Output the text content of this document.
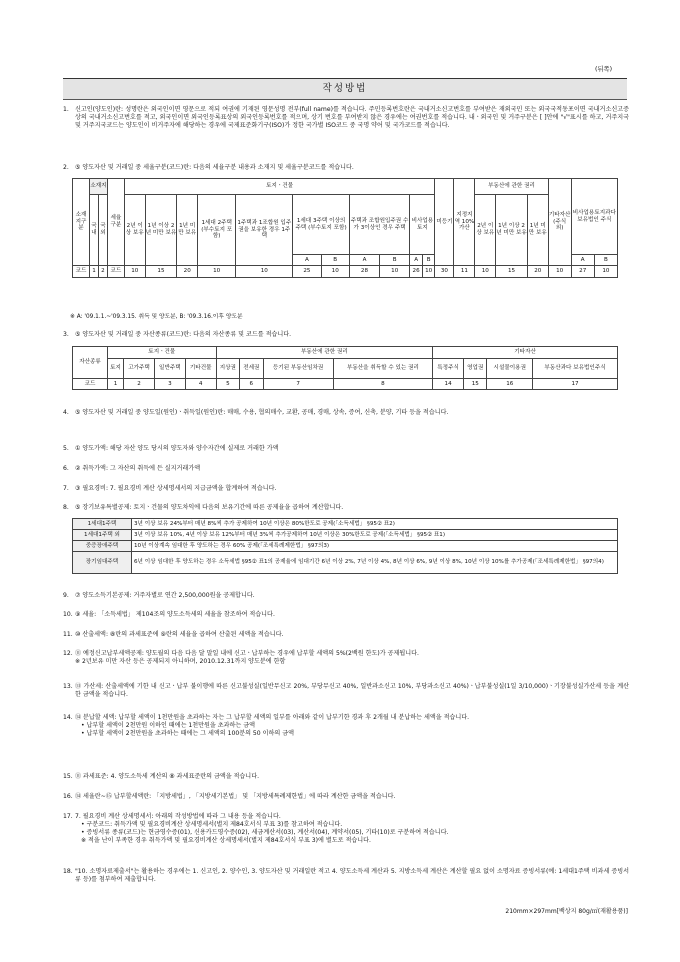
(뒤쪽)
작성방법
1.	신고인(양도인)란: 성명란은 외국인이면 영문으로 적되 여권에 기재된 영문성명 전부(full name)를 적습니다. 주민등록번호란은 국내거소신고번호를 부여받은 재외국민 또는 외국국적동포이면 국내거소신고증상의 국내거소신고번호를 적고, 외국인이면 외국인등록표상의 외국인등록번호를 적으며, 상기 번호를 부여받지 않은 경우에는 여권번호를 적습니다. 내ㆍ외국인 및 거주구분은 [ ]안에 "√"표시를 하고, 거주지국 및 거주지국코드는 양도인이 비거주자에 해당하는 경우에 국제표준화기구(ISO)가 정한 국가별 ISO코드 중 국명 약어 및 국가코드를 적습니다.
2.	⑤ 양도자산 및 거래일 중 세율구분(코드)란: 다음의 세율구분 내용과 소재지 및 세율구분코드를 적습니다.
소재지구분	소재지		세율구분	토지ㆍ건물											미등기	지정지역 10% 가산	부동산에 관한 권리			기타자산 (주식 외)	비사업용토지과다 보유법인 주식	
	국내	국외		2년 이상 보유	1년 이상 2년 미만 보유	1년 미만 보유	1세대 2주택 (부수토지 포함)	1주택과 1조합원 입주권을 보유한 경우 1주택	1세대 3주택 이상의 주택 (부수토지 포함)		주택과 조합원입주권 수가 3이상인 경우 주택		비사업용 토지				2년 이상 보유	1년 이상 2년 미만 보유	1년 미만 보유			
									A	B	A	B	A	B							A	B
코드	1	2	코드	10	15	20	10	10	25	10	28	10	26	10	30	11	10	15	20	10	27	10
※ A: '09.1.1.~'09.3.15. 취득 및 양도분, B: '09.3.16.이후 양도분
3.	⑤ 양도자산 및 거래일 중 자산종류(코드)란: 다음의 자산종류 및 코드를 적습니다.
자산종류	토지ㆍ건물				부동산에 관한 권리				기타자산			
	토지	고가주택	일반주택	기타건물	지상권	전세권	등기된 부동산임차권	부동산을 취득할 수 있는 권리	특정주식	영업권	시설물이용권	부동산과다 보유법인주식
코드	1	2	3	4	5	6	7	8	14	15	16	17
4.	⑤ 양도자산 및 거래일 중 양도일(원인)ㆍ취득일(원인)란: 매매, 수용, 협의매수, 교환, 공매, 경매, 상속, 증여, 신축, 분양, 기타 등을 적습니다.
5.	① 양도가액: 해당 자산 양도 당시의 양도자와 양수자간에 실제로 거래한 가액
6.	② 취득가액: 그 자산의 취득에 든 실지거래가액
7.	③ 필요경비: 7. 필요경비 계산 상세명세서의 지급금액을 합계하여 적습니다.
8.	⑤ 장기보유특별공제: 토지ㆍ건물의 양도차익에 다음의 보유기간에 따른 공제율을 곱하여 계산합니다.
1세대1주택	3년 이상 보유 24%부터 매년 8%씩 추가 공제하여 10년 이상은 80%한도로 공제(「소득세법」 §95② 표2)
1세대1주택 외	3년 이상 보유 10%, 4년 이상 보유 12%부터 매년 3%씩 추가공제하여 10년 이상은 30%한도로 공제(「소득세법」 §95② 표1)
중증장애주택	10년 이상계속 임대한 후 양도하는 경우 60% 공제(「조세특례제한법」 §97의3)
장기임대주택	6년 이상 임대한 후 양도하는 경우 소득세법 §95② 표1의 공제율에 임대기간 6년 이상 2%, 7년 이상 4%, 8년 이상 6%, 9년 이상 8%, 10년 이상 10%를 추가공제(「조세특례제한법」 §97의4)
9.	⑦ 양도소득기본공제: 거주자별로 연간 2,500,000원을 공제합니다.
10. ⑨ 세율: 「소득세법」 제104조의 양도소득세의 세율을 참조하여 적습니다.
11. ⑩ 산출세액: ⑧란의 과세표준에 ⑨란의 세율을 곱하여 산출된 세액을 적습니다.
12. ⑪ 예정신고납부세액공제: 양도월의 다음 다음 달 말일 내에 신고ㆍ납부하는 경우에 납부할 세액의 5%(2백원 한도)가 공제됩니다.
※ 2년보유 미만 자산 등은 공제되지 아니하며, 2010.12.31까지 양도분에 한함
13. ⑬ 가산세: 산출세액에 기한 내 신고ㆍ납부 불이행에 따른 신고불성실(일반무신고 20%, 부당무신고 40%, 일반과소신고 10%, 부당과소신고 40%)ㆍ납부불성실(1일 3/10,000)ㆍ기장불성실가산세 등을 계산한 금액을 적습니다.
14. ⑭ 분납할 세액: 납부할 세액이 1천만원을 초과하는 자는 그 납부할 세액의 일부를 아래와 같이 납부기한 경과 후 2개월 내 분납하는 세액을 적습니다.
• 납부할 세액이 2천만원 이하인 때에는 1천만원을 초과하는 금액
• 납부할 세액이 2천만원을 초과하는 때에는 그 세액의 100분의 50 이하의 금액
15. ⑪ 과세표준: 4. 양도소득세 계산의 ⑧ 과세표준란의 금액을 적습니다.
16. ⑭ 세율란~⑮ 납부할세액란: 「지방세법」, 「지방세기본법」 및 「지방세특례제한법」에 따라 계산한 금액을 적습니다.
17. 7. 필요경비 계산 상세명세서: 아래의 작성방법에 따라 그 내용 등을 적습니다.
• 구분코드: 취득가액 및 필요경비계산 상세명세서(별지 제84호서식 부표 3)를 참고하여 적습니다.
• 증빙서류 종류(코드)는 현금영수증(01), 신용카드영수증(02), 세금계산서(03), 계산서(04), 계약서(05), 기타(10)로 구분하여 적습니다.
※ 적을 난이 부족한 경우 취득가액 및 필요경비계산 상세명세서(별지 제84호서식 부표 3)에 별도로 적습니다.
18. "10. 소명자료제출서"는 활용하는 경우에는 1. 신고인, 2. 양수인, 3. 양도자산 및 거래일란 적고 4. 양도소득세 계산과 5. 지방소득세 계산은 계산할 필요 없이 소명자료 증빙서류(예: 1세대1주택 비과세 증빙서류 등)를 첨부하여 제출합니다.
210mm×297mm[백상지 80g/㎡(재활용품)]
